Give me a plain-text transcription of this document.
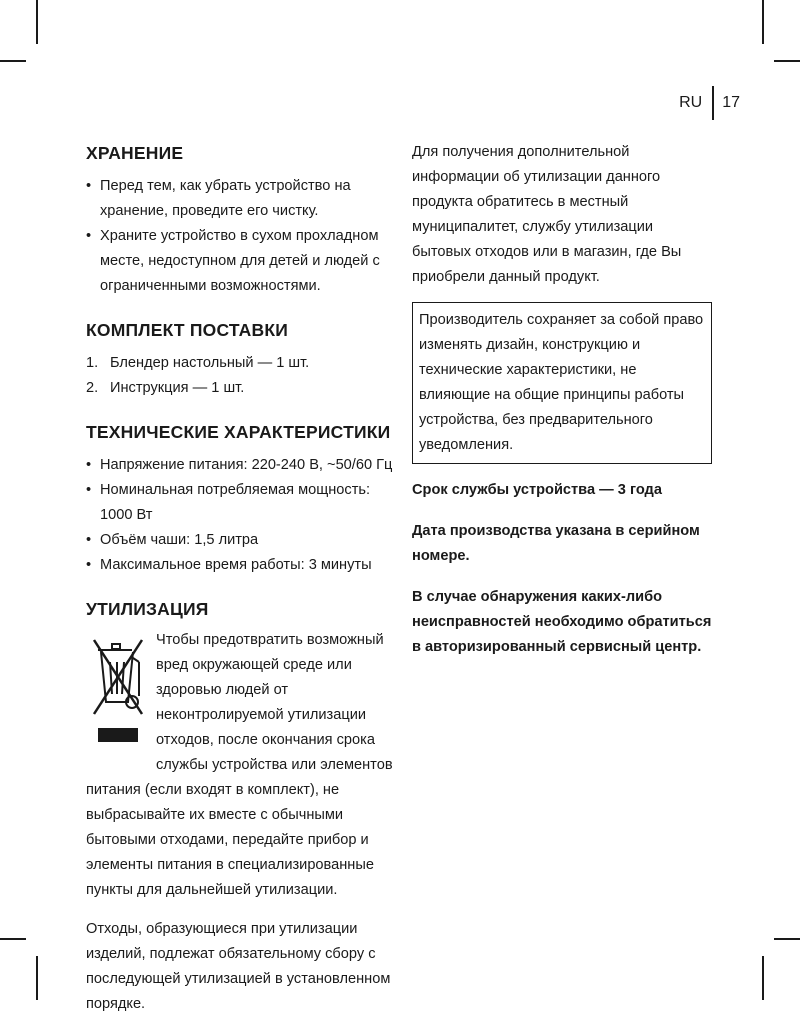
RU	17
ХРАНЕНИЕ
• Перед тем, как убрать устройство на хранение, проведите его чистку.
• Храните устройство в сухом прохладном месте, недоступном для детей и людей с ограниченными возможностями.
КОМПЛЕКТ ПОСТАВКИ
1. Блендер настольный — 1 шт.
2. Инструкция — 1 шт.
ТЕХНИЧЕСКИЕ ХАРАКТЕРИСТИКИ
• Напряжение питания: 220-240 В, ~50/60 Гц
• Номинальная потребляемая мощность: 1000 Вт
• Объём чаши: 1,5 литра
• Максимальное время работы: 3 минуты
УТИЛИЗАЦИЯ

Чтобы предотвратить возможный вред окружающей среде или здоровью людей от неконтролируемой утилизации отходов, после окончания срока службы устройства или элементов питания (если входят в комплект), не выбрасывайте их вместе с обычными бытовыми отходами, передайте прибор и элементы питания в специализированные пункты для дальнейшей утилизации.

Отходы, образующиеся при утилизации изделий, подлежат обязательному сбору с последующей утилизацией в установленном порядке.

Для получения дополнительной информации об утилизации данного продукта обратитесь в местный муниципалитет, службу утилизации бытовых отходов или в магазин, где Вы приобрели данный продукт.

Производитель сохраняет за собой право изменять дизайн, конструкцию и технические характеристики, не влияющие на общие принципы работы устройства, без предварительного уведомления.

Срок службы устройства — 3 года

Дата производства указана в серийном номере.

В случае обнаружения каких-либо неисправностей необходимо обратиться в авторизированный сервисный центр.
